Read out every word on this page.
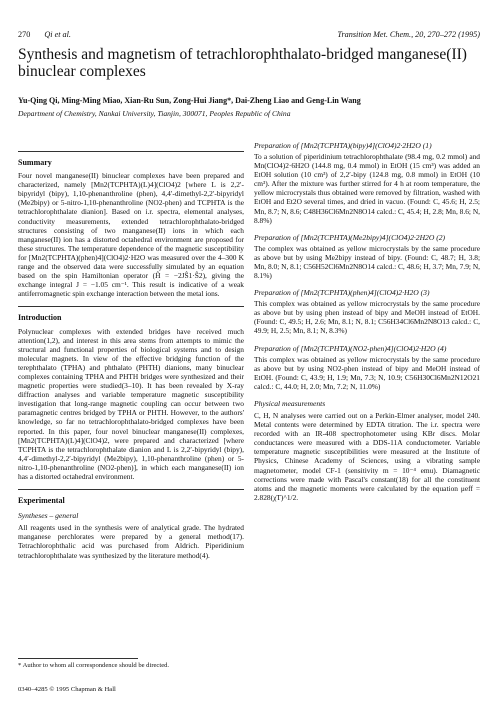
270 Qi et al.	Transition Met. Chem., 20, 270–272 (1995)
Synthesis and magnetism of tetrachlorophthalato-bridged manganese(II) binuclear complexes
Yu-Qing Qi, Ming-Ming Miao, Xian-Ru Sun, Zong-Hui Jiang*, Dai-Zheng Liao and Geng-Lin Wang
Department of Chemistry, Nankai University, Tianjin, 300071, Peoples Republic of China
Summary

Four novel manganese(II) binuclear complexes have been prepared and characterized, namely [Mn2(TCPHTA)(L)4](ClO4)2 [where L is 2,2′-bipyridyl (bipy), 1,10-phenanthroline (phen), 4,4′-dimethyl-2,2′-bipyridyl (Me2bipy) or 5-nitro-1,10-phenanthroline (NO2-phen) and TCPHTA is the tetrachlorophthalate dianion]. Based on i.r. spectra, elemental analyses, conductivity measurements, extended tetrachlorophthalato-bridged structures consisting of two manganese(II) ions in which each manganese(II) ion has a distorted octahedral environment are proposed for these structures. The temperature dependence of the magnetic susceptibility for [Mn2(TCPHTA)(phen)4](ClO4)2·H2O was measured over the 4–300 K range and the observed data were successfully simulated by an equation based on the spin Hamiltonian operator (Ĥ = −2JŜ1·Ŝ2), giving the exchange integral J = −1.05 cm⁻¹. This result is indicative of a weak antiferromagnetic spin exchange interaction between the metal ions.

Introduction

Polynuclear complexes with extended bridges have received much attention(1,2), and interest in this area stems from attempts to mimic the structural and functional properties of biological systems and to design molecular magnets. In view of the effective bridging function of the terephthalato (TPHA) and phthalato (PHTH) dianions, many binuclear complexes containing TPHA and PHTH bridges were synthesized and their magnetic properties were studied(3–10). It has been revealed by X-ray diffraction analyses and variable temperature magnetic susceptibility investigation that long-range magnetic coupling can occur between two paramagnetic centres bridged by TPHA or PHTH. However, to the authors' knowledge, so far no tetrachlorophthalato-bridged complexes have been reported. In this paper, four novel binuclear manganese(II) complexes, [Mn2(TCPHTA)(L)4](ClO4)2, were prepared and characterized [where TCPHTA is the tetrachlorophthalate dianion and L is 2,2′-bipyridyl (bipy), 4,4′-dimethyl-2,2′-bipyridyl (Me2bipy), 1,10-phenanthroline (phen) or 5-nitro-1,10-phenanthroline (NO2-phen)], in which each manganese(II) ion has a distorted octahedral environment.

Experimental
Syntheses – general

All reagents used in the synthesis were of analytical grade. The hydrated manganese perchlorates were prepared by a general method(17). Tetrachlorophthalic acid was purchased from Aldrich. Piperidinium tetrachlorophthalate was synthesized by the literature method(4).

* Author to whom all correspondence should be directed.
0340–4285 © 1995 Chapman & Hall
Preparation of [Mn2(TCPHTA)(bipy)4](ClO4)2·2H2O (1)

To a solution of piperidinium tetrachlorophthalate (98.4 mg, 0.2 mmol) and Mn(ClO4)2·6H2O (144.8 mg, 0.4 mmol) in EtOH (15 cm³) was added an EtOH solution (10 cm³) of 2,2′-bipy (124.8 mg, 0.8 mmol) in EtOH (10 cm³). After the mixture was further stirred for 4 h at room temperature, the yellow microcrystals thus obtained were removed by filtration, washed with EtOH and Et2O several times, and dried in vacuo. (Found: C, 45.6; H, 2.5; Mn, 8.7; N, 8.6; C48H36Cl6Mn2N8O14 calcd.: C, 45.4; H, 2.8; Mn, 8.6; N, 8.8%)

Preparation of [Mn2(TCPHTA)(Me2bipy)4](ClO4)2·2H2O (2)

The complex was obtained as yellow microcrystals by the same procedure as above but by using Me2bipy instead of bipy. (Found: C, 48.7; H, 3.8; Mn, 8.0; N, 8.1; C56H52Cl6Mn2N8O14 calcd.: C, 48.6; H, 3.7; Mn, 7.9; N, 8.1%)

Preparation of [Mn2(TCPHTA)(phen)4](ClO4)2·H2O (3)

This complex was obtained as yellow microcrystals by the same procedure as above but by using phen instead of bipy and MeOH instead of EtOH. (Found: C, 49.5; H, 2.6; Mn, 8.1; N, 8.1; C56H34Cl6Mn2N8O13 calcd.: C, 49.9; H, 2.5; Mn, 8.1; N, 8.3%)

Preparation of [Mn2(TCPHTA)(NO2-phen)4](ClO4)2·H2O (4)

This complex was obtained as yellow microcrystals by the same procedure as above but by using NO2-phen instead of bipy and MeOH instead of EtOH. (Found: C, 43.9; H, 1.9; Mn, 7.3; N, 10.9; C56H30Cl6Mn2N12O21 calcd.: C, 44.0; H, 2.0; Mn, 7.2; N, 11.0%)

Physical measurements

C, H, N analyses were carried out on a Perkin-Elmer analyser, model 240. Metal contents were determined by EDTA titration. The i.r. spectra were recorded with an IR-408 spectrophotometer using KBr discs. Molar conductances were measured with a DDS-11A conductometer. Variable temperature magnetic susceptibilities were measured at the Institute of Physics, Chinese Academy of Sciences, using a vibrating sample magnetometer, model CF-1 (sensitivity m = 10⁻⁴ emu). Diamagnetic corrections were made with Pascal's constant(18) for all the constituent atoms and the magnetic moments were calculated by the equation μeff = 2.828(χT)^1/2.
